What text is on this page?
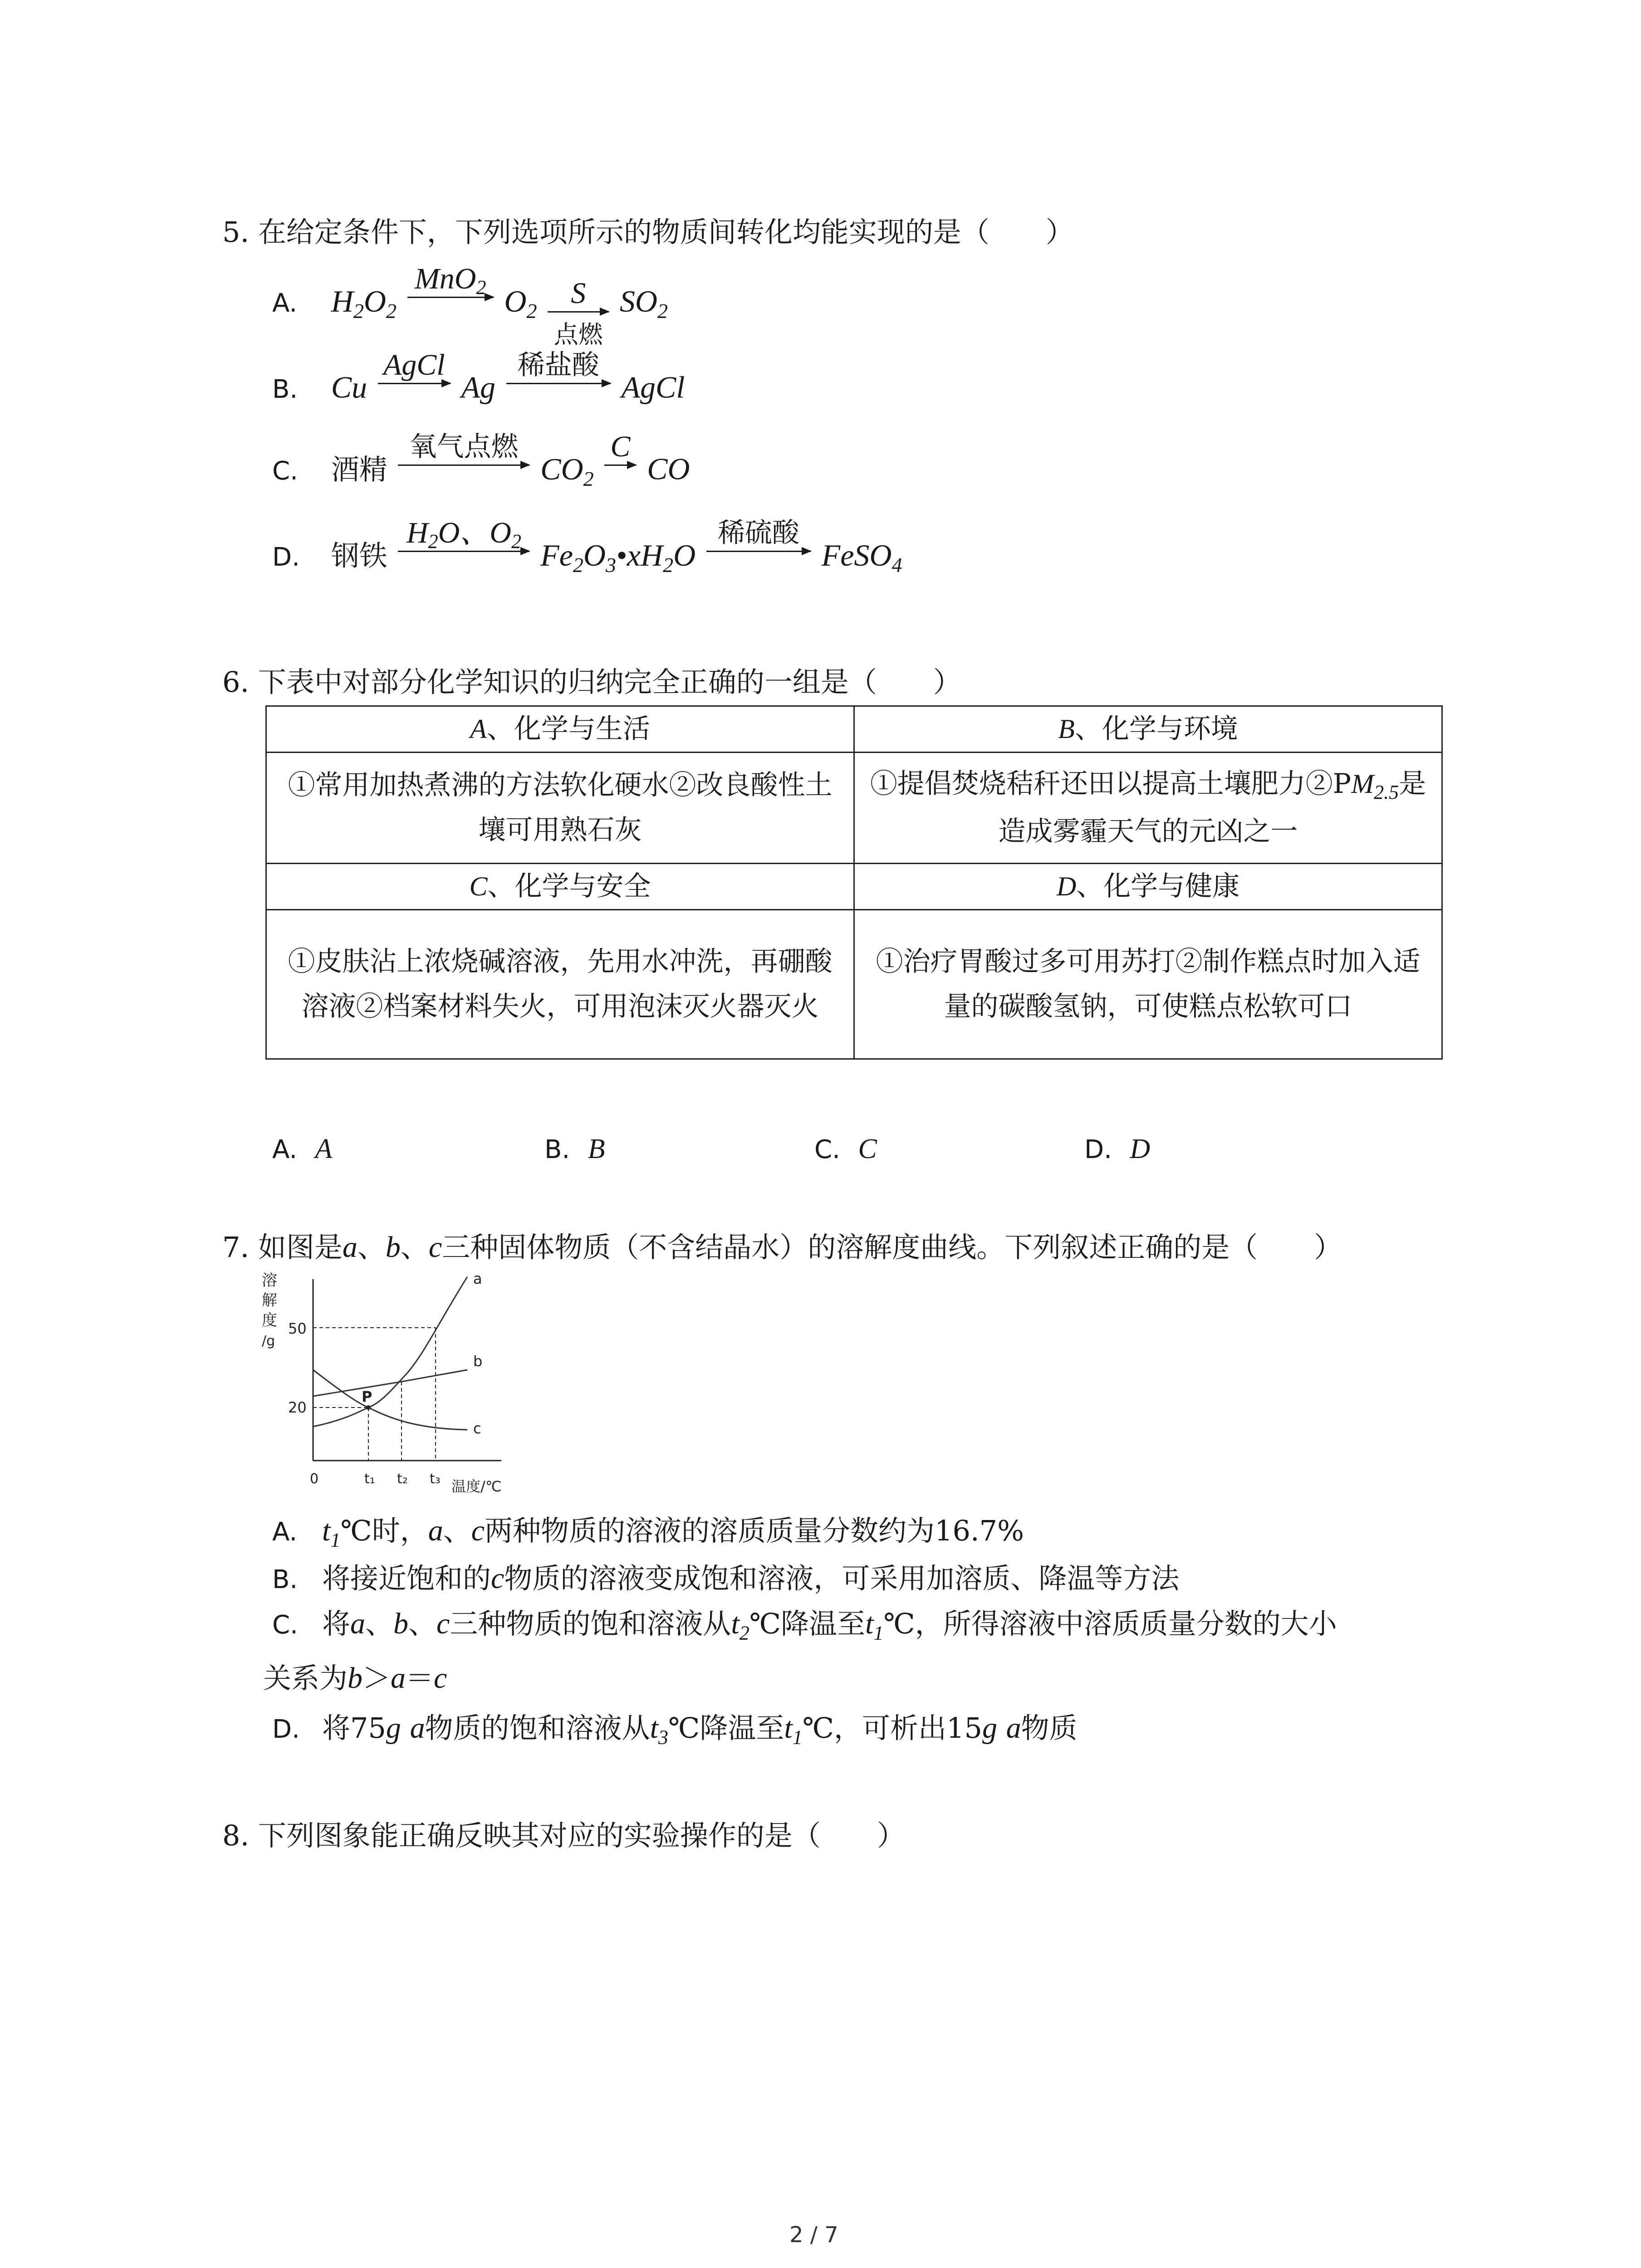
5. 在给定条件下，下列选项所示的物质间转化均能实现的是（　　）
A. $H_2O_2$
MnO$_2$
$O_2$
S
点燃
$SO_2$
B. Cu
AgCl

Ag
稀盐酸

AgCl
C. 酒精
氧气点燃

$CO_2$
C

CO
D. 钢铁
$H_2O$、$O_2$
$Fe_2O_3•xH_2O$
稀硫酸

FeSO$_4$
6. 下表中对部分化学知识的归纳完全正确的一组是（　　）
A、化学与生活	B、化学与环境
①常用加热煮沸的方法软化硬水②改良酸性土壤可用熟石灰	①提倡焚烧秸秆还田以提高土壤肥力$②PM_{2.5}$是造成雾霾天气的元凶之一
C、化学与安全	D、化学与健康
①皮肤沾上浓烧碱溶液，先用水冲洗，再硼酸溶液②档案材料失火，可用泡沫灭火器灭火	①治疗胃酸过多可用苏打②制作糕点时加入适量的碳酸氢钠，可使糕点松软可口
A. A	B. B	C. C	D. D
7. 如图是a、b、c三种固体物质（不含结晶水）的溶解度曲线。下列叙述正确的是（　　）
溶
解
度
/g
50
20
0	t₁ t₂ t₃ 温度/℃
P
a
b
c
A. $t_1℃$时，a、c两种物质的溶液的溶质质量分数约为16.7%
B. 将接近饱和的c物质的溶液变成饱和溶液，可采用加溶质、降温等方法
C. 将a、b、c三种物质的饱和溶液从$t_2℃$降温至$t_1℃$，所得溶液中溶质质量分数的大小
关系为b＞a＝c
D. 将75g a物质的饱和溶液从$t_3℃$降温至$t_1℃$，可析出15g a物质
8. 下列图象能正确反映其对应的实验操作的是（　　）
2 / 7
